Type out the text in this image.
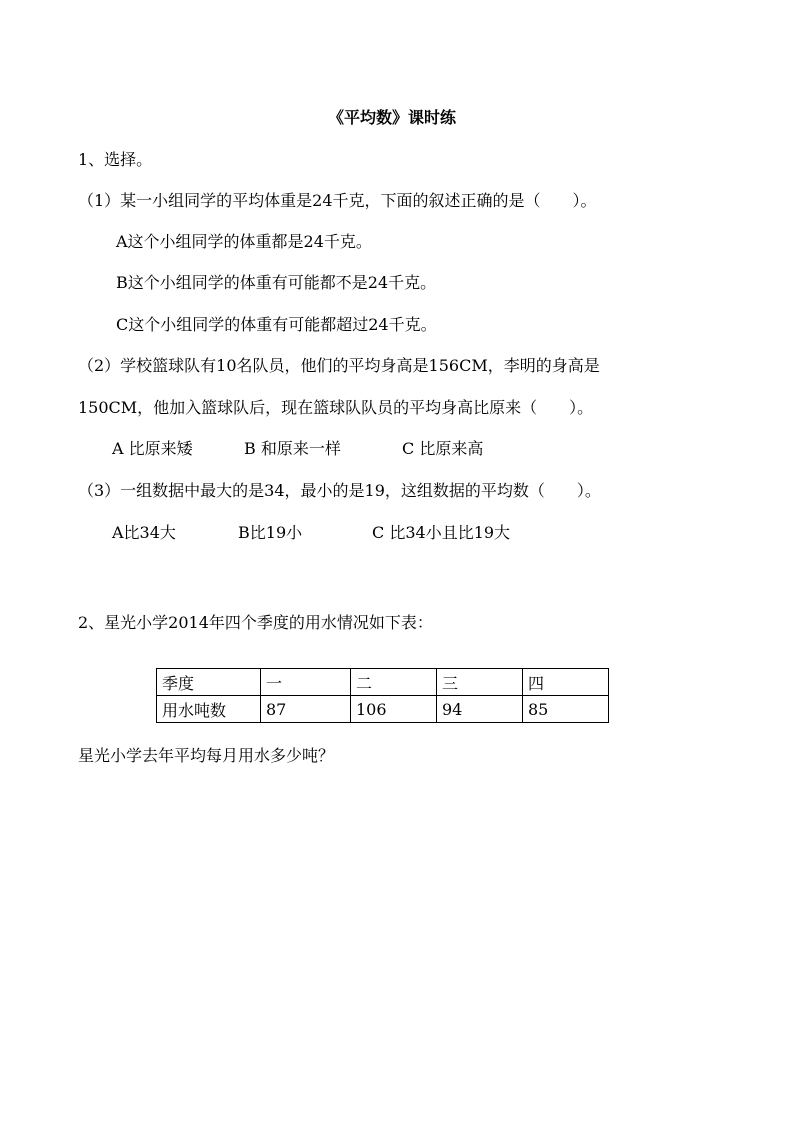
《平均数》课时练
1、选择。
（1）某一小组同学的平均体重是24千克，下面的叙述正确的是（　　）。
A这个小组同学的体重都是24千克。
B这个小组同学的体重有可能都不是24千克。
C这个小组同学的体重有可能都超过24千克。
（2）学校篮球队有10名队员，他们的平均身高是156CM，李明的身高是
150CM，他加入篮球队后，现在篮球队队员的平均身高比原来（　　）。
A 比原来矮	B 和原来一样	C 比原来高
（3）一组数据中最大的是34，最小的是19，这组数据的平均数（　　）。
A比34大	B比19小	C 比34小且比19大
2、星光小学2014年四个季度的用水情况如下表：
季度	一	二	三	四
用水吨数	87	106	94	85
星光小学去年平均每月用水多少吨？
